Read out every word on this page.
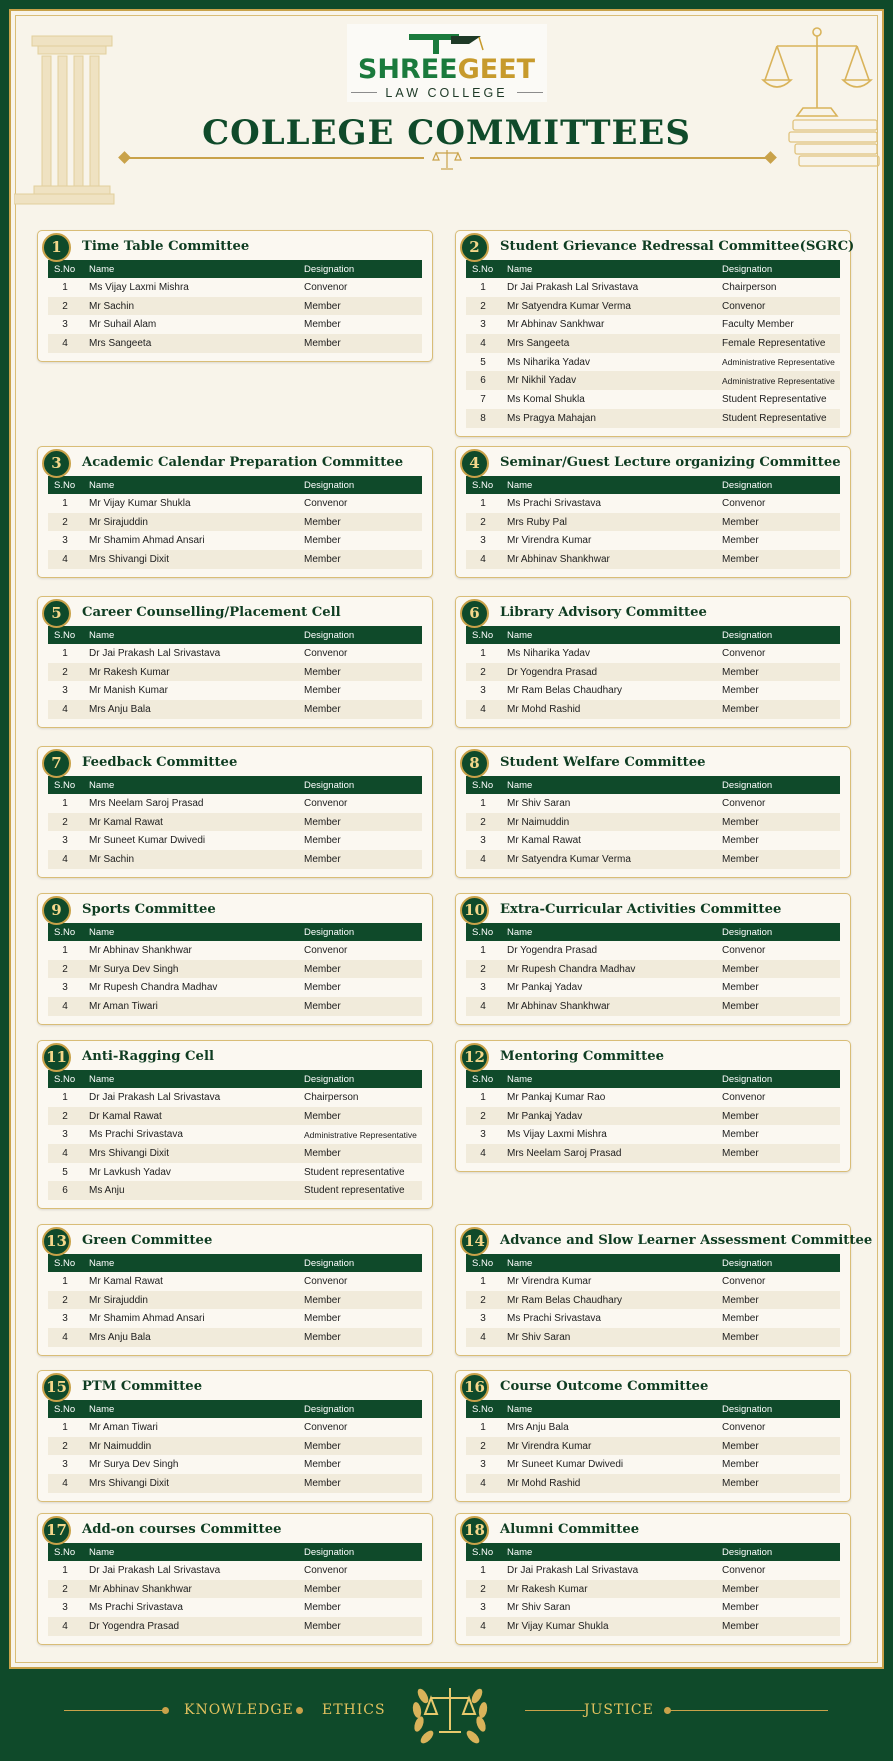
SHREEGEET
LAW COLLEGE
COLLEGE COMMITTEES
1	Time Table Committee
S.No	Name	Designation
1	Ms Vijay Laxmi Mishra	Convenor
2	Mr Sachin	Member
3	Mr Suhail Alam	Member
4	Mrs Sangeeta	Member
2	Student Grievance Redressal Committee(SGRC)
S.No	Name	Designation
1	Dr Jai Prakash Lal Srivastava	Chairperson
2	Mr Satyendra Kumar Verma	Convenor
3	Mr Abhinav Sankhwar	Faculty Member
4	Mrs Sangeeta	Female Representative
5	Ms Niharika Yadav	Administrative Representative
6	Mr Nikhil Yadav	Administrative Representative
7	Ms Komal Shukla	Student Representative
8	Ms Pragya Mahajan	Student Representative
3	Academic Calendar Preparation Committee
S.No	Name	Designation
1	Mr Vijay Kumar Shukla	Convenor
2	Mr Sirajuddin	Member
3	Mr Shamim Ahmad Ansari	Member
4	Mrs Shivangi Dixit	Member
4	Seminar/Guest Lecture organizing Committee
S.No	Name	Designation
1	Ms Prachi Srivastava	Convenor
2	Mrs Ruby Pal	Member
3	Mr Virendra Kumar	Member
4	Mr Abhinav Shankhwar	Member
5	Career Counselling/Placement Cell
S.No	Name	Designation
1	Dr Jai Prakash Lal Srivastava	Convenor
2	Mr Rakesh Kumar	Member
3	Mr Manish Kumar	Member
4	Mrs Anju Bala	Member
6	Library Advisory Committee
S.No	Name	Designation
1	Ms Niharika Yadav	Convenor
2	Dr Yogendra Prasad	Member
3	Mr Ram Belas Chaudhary	Member
4	Mr Mohd Rashid	Member
7	Feedback Committee
S.No	Name	Designation
1	Mrs Neelam Saroj Prasad	Convenor
2	Mr Kamal Rawat	Member
3	Mr Suneet Kumar Dwivedi	Member
4	Mr Sachin	Member
8	Student Welfare Committee
S.No	Name	Designation
1	Mr Shiv Saran	Convenor
2	Mr Naimuddin	Member
3	Mr Kamal Rawat	Member
4	Mr Satyendra Kumar Verma	Member
9	Sports Committee
S.No	Name	Designation
1	Mr Abhinav Shankhwar	Convenor
2	Mr Surya Dev Singh	Member
3	Mr Rupesh Chandra Madhav	Member
4	Mr Aman Tiwari	Member
10	Extra-Curricular Activities Committee
S.No	Name	Designation
1	Dr Yogendra Prasad	Convenor
2	Mr Rupesh Chandra Madhav	Member
3	Mr Pankaj Yadav	Member
4	Mr Abhinav Shankhwar	Member
11	Anti-Ragging Cell
S.No	Name	Designation
1	Dr Jai Prakash Lal Srivastava	Chairperson
2	Dr Kamal Rawat	Member
3	Ms Prachi Srivastava	Administrative Representative
4	Mrs Shivangi Dixit	Member
5	Mr Lavkush Yadav	Student representative
6	Ms Anju	Student representative
12	Mentoring Committee
S.No	Name	Designation
1	Mr Pankaj Kumar Rao	Convenor
2	Mr Pankaj Yadav	Member
3	Ms Vijay Laxmi Mishra	Member
4	Mrs Neelam Saroj Prasad	Member
13	Green Committee
S.No	Name	Designation
1	Mr Kamal Rawat	Convenor
2	Mr Sirajuddin	Member
3	Mr Shamim Ahmad Ansari	Member
4	Mrs Anju Bala	Member
14	Advance and Slow Learner Assessment Committee
S.No	Name	Designation
1	Mr Virendra Kumar	Convenor
2	Mr Ram Belas Chaudhary	Member
3	Ms Prachi Srivastava	Member
4	Mr Shiv Saran	Member
15	PTM Committee
S.No	Name	Designation
1	Mr Aman Tiwari	Convenor
2	Mr Naimuddin	Member
3	Mr Surya Dev Singh	Member
4	Mrs Shivangi Dixit	Member
16	Course Outcome Committee
S.No	Name	Designation
1	Mrs Anju Bala	Convenor
2	Mr Virendra Kumar	Member
3	Mr Suneet Kumar Dwivedi	Member
4	Mr Mohd Rashid	Member
17	Add-on courses Committee
S.No	Name	Designation
1	Dr Jai Prakash Lal Srivastava	Convenor
2	Mr Abhinav Shankhwar	Member
3	Ms Prachi Srivastava	Member
4	Dr Yogendra Prasad	Member
18	Alumni Committee
S.No	Name	Designation
1	Dr Jai Prakash Lal Srivastava	Convenor
2	Mr Rakesh Kumar	Member
3	Mr Shiv Saran	Member
4	Mr Vijay Kumar Shukla	Member
KNOWLEDGE ETHICS	JUSTICE
